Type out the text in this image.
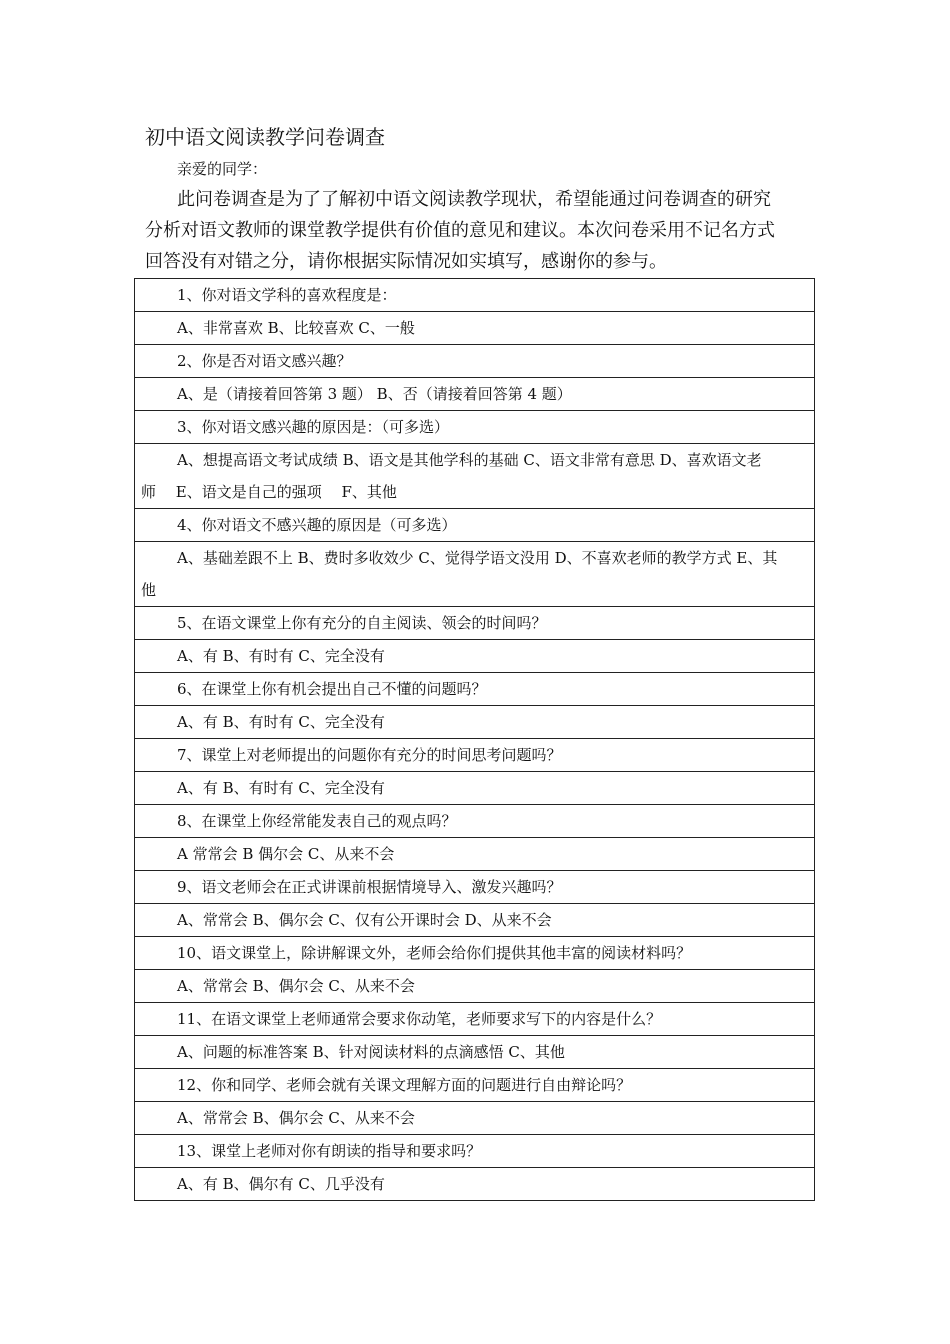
初中语文阅读教学问卷调查
亲爱的同学：
此问卷调查是为了了解初中语文阅读教学现状，希望能通过问卷调查的研究
分析对语文教师的课堂教学提供有价值的意见和建议。本次问卷采用不记名方式
回答没有对错之分，请你根据实际情况如实填写，感谢你的参与。
1、你对语文学科的喜欢程度是：

A、非常喜欢 B、比较喜欢 C、一般

2、你是否对语文感兴趣？

A、是（请接着回答第 3 题） B、否（请接着回答第 4 题）

3、你对语文感兴趣的原因是：（可多选）

A、想提高语文考试成绩 B、语文是其他学科的基础 C、语文非常有意思 D、喜欢语文老
师　 E、语文是自己的强项　 F、其他

4、你对语文不感兴趣的原因是（可多选）

A、基础差跟不上 B、费时多收效少 C、觉得学语文没用 D、不喜欢老师的教学方式 E、其
他

5、在语文课堂上你有充分的自主阅读、领会的时间吗？

A、有 B、有时有 C、完全没有

6、在课堂上你有机会提出自己不懂的问题吗？

A、有 B、有时有 C、完全没有

7、课堂上对老师提出的问题你有充分的时间思考问题吗？

A、有 B、有时有 C、完全没有

8、在课堂上你经常能发表自己的观点吗？

A 常常会 B 偶尔会 C、从来不会

9、语文老师会在正式讲课前根据情境导入、激发兴趣吗？

A、常常会 B、偶尔会 C、仅有公开课时会 D、从来不会

10、语文课堂上，除讲解课文外，老师会给你们提供其他丰富的阅读材料吗？

A、常常会 B、偶尔会 C、从来不会

11、在语文课堂上老师通常会要求你动笔，老师要求写下的内容是什么？

A、问题的标准答案 B、针对阅读材料的点滴感悟 C、其他

12、你和同学、老师会就有关课文理解方面的问题进行自由辩论吗？

A、常常会 B、偶尔会 C、从来不会

13、课堂上老师对你有朗读的指导和要求吗？

A、有 B、偶尔有 C、几乎没有
